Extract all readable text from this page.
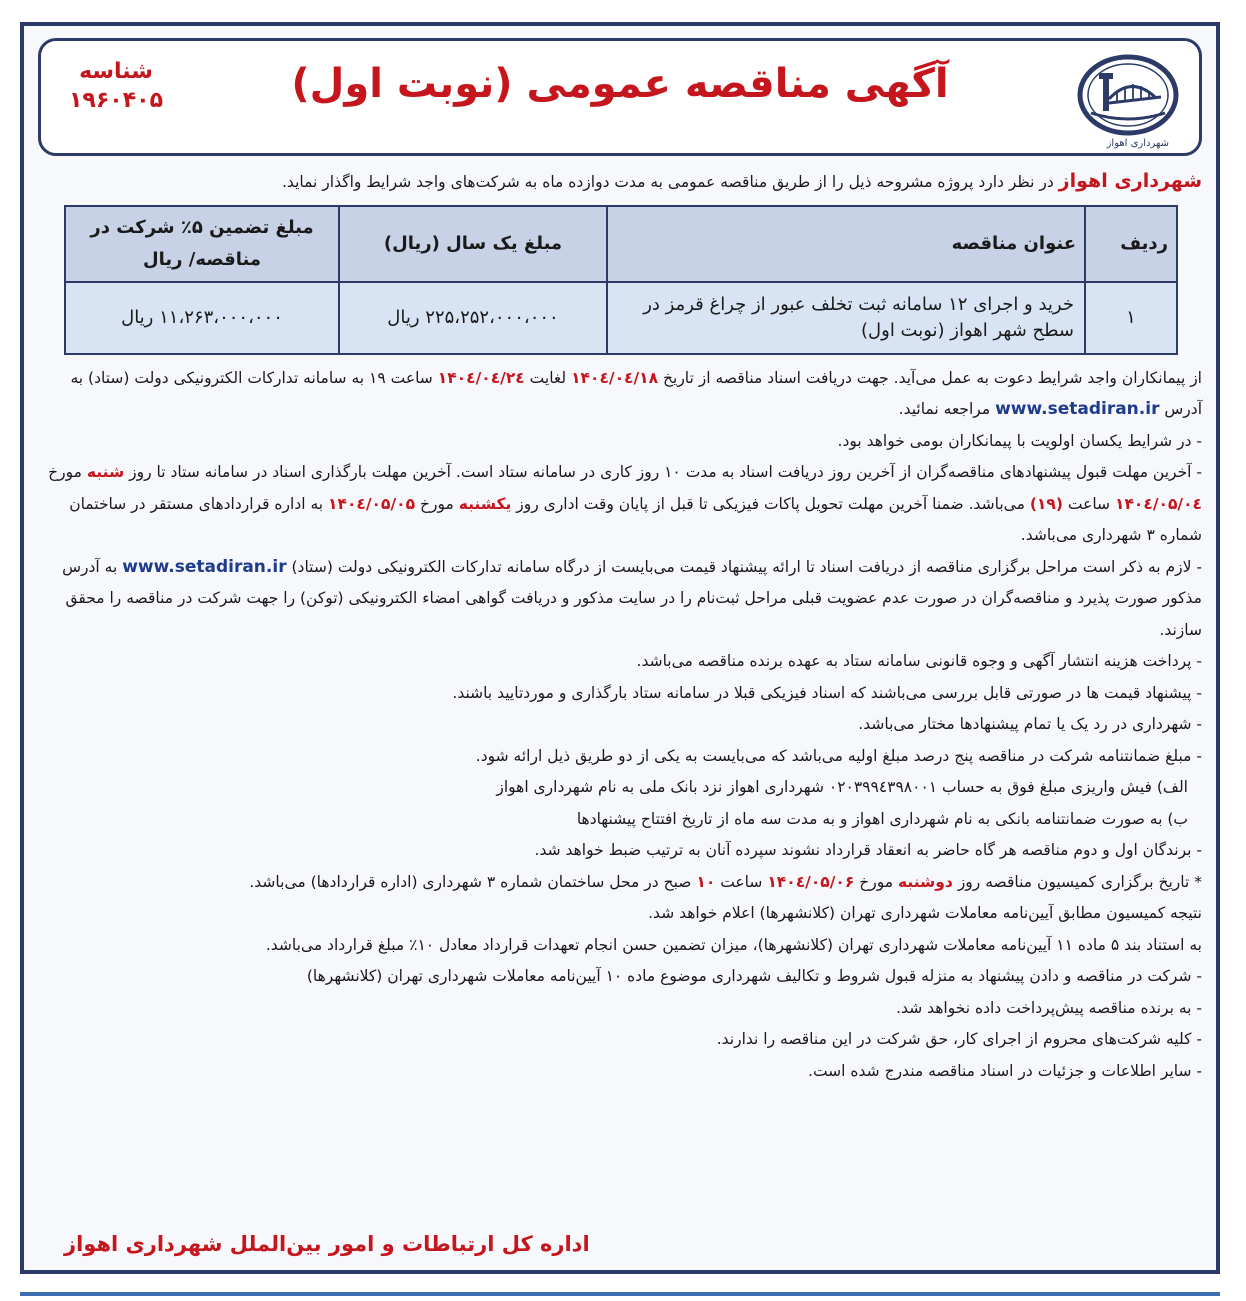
شهرداری اهواز
آگهی مناقصه عمومی (نوبت اول)
شناسه
۱۹۶۰۴۰۵

شهرداری اهواز در نظر دارد پروژه مشروحه ذیل را از طریق مناقصه عمومی به مدت دوازده ماه به شرکت‌های واجد شرایط واگذار نماید.

ردیف	عنوان مناقصه	مبلغ یک سال (ریال)	مبلغ تضمین ۵٪ شرکت در مناقصه/ ریال
۱	خرید و اجرای ۱۲ سامانه ثبت تخلف عبور از چراغ قرمز در سطح شهر اهواز (نوبت اول)	۲۲۵،۲۵۲،۰۰۰،۰۰۰ ریال	۱۱،۲۶۳،۰۰۰،۰۰۰ ریال

از پیمانکاران واجد شرایط دعوت به عمل می‌آید. جهت دریافت اسناد مناقصه از تاریخ ۱۴۰٤/۰٤/۱۸ لغایت ۱۴۰٤/۰٤/۲٤ ساعت ۱۹ به سامانه تدارکات الکترونیکی دولت (ستاد) به آدرس www.setadiran.ir مراجعه نمائید.

- در شرایط یکسان اولویت با پیمانکاران بومی خواهد بود.

- آخرین مهلت قبول پیشنهادهای مناقصه‌گران از آخرین روز دریافت اسناد به مدت ۱۰ روز کاری در سامانه ستاد است. آخرین مهلت بارگذاری اسناد در سامانه ستاد تا روز شنبه مورخ ۱۴۰٤/۰۵/۰٤ ساعت (۱۹) می‌باشد. ضمنا آخرین مهلت تحویل پاکات فیزیکی تا قبل از پایان وقت اداری روز یکشنبه مورخ ۱۴۰٤/۰۵/۰۵ به اداره قراردادهای مستقر در ساختمان شماره ۳ شهرداری می‌باشد.

- لازم به ذکر است مراحل برگزاری مناقصه از دریافت اسناد تا ارائه پیشنهاد قیمت می‌بایست از درگاه سامانه تدارکات الکترونیکی دولت (ستاد) www.setadiran.ir به آدرس مذکور صورت پذیرد و مناقصه‌گران در صورت عدم عضویت قبلی مراحل ثبت‌نام را در سایت مذکور و دریافت گواهی امضاء الکترونیکی (توکن) را جهت شرکت در مناقصه را محقق سازند.

- پرداخت هزینه انتشار آگهی و وجوه قانونی سامانه ستاد به عهده برنده مناقصه می‌باشد.

- پیشنهاد قیمت ها در صورتی قابل بررسی می‌باشند که اسناد فیزیکی قبلا در سامانه ستاد بارگذاری و موردتایید باشند.

- شهرداری در رد یک یا تمام پیشنهادها مختار می‌باشد.

- مبلغ ضمانتنامه شرکت در مناقصه پنج درصد مبلغ اولیه می‌باشد که می‌بایست به یکی از دو طریق ذیل ارائه شود.

الف) فیش واریزی مبلغ فوق به حساب ۰۲۰۳۹۹٤۳۹۸۰۰۱ شهرداری اهواز نزد بانک ملی به نام شهرداری اهواز

ب) به صورت ضمانتنامه بانکی به نام شهرداری اهواز و به مدت سه ماه از تاریخ افتتاح پیشنهادها

- برندگان اول و دوم مناقصه هر گاه حاضر به انعقاد قرارداد نشوند سپرده آنان به ترتیب ضبط خواهد شد.

* تاریخ برگزاری کمیسیون مناقصه روز دوشنبه مورخ ۱۴۰٤/۰۵/۰۶ ساعت ۱۰ صبح در محل ساختمان شماره ۳ شهرداری (اداره قراردادها) می‌باشد.

نتیجه کمیسیون مطابق آیین‌نامه معاملات شهرداری تهران (کلانشهرها) اعلام خواهد شد.

به استناد بند ۵ ماده ۱۱ آیین‌نامه معاملات شهرداری تهران (کلانشهرها)، میزان تضمین حسن انجام تعهدات قرارداد معادل ۱۰٪ مبلغ قرارداد می‌باشد.

- شرکت در مناقصه و دادن پیشنهاد به منزله قبول شروط و تکالیف شهرداری موضوع ماده ۱۰ آیین‌نامه معاملات شهرداری تهران (کلانشهرها)

- به برنده مناقصه پیش‌پرداخت داده نخواهد شد.

- کلیه شرکت‌های محروم از اجرای کار، حق شرکت در این مناقصه را ندارند.

- سایر اطلاعات و جزئیات در اسناد مناقصه مندرج شده است.

اداره کل ارتباطات و امور بین‌الملل شهرداری اهواز
